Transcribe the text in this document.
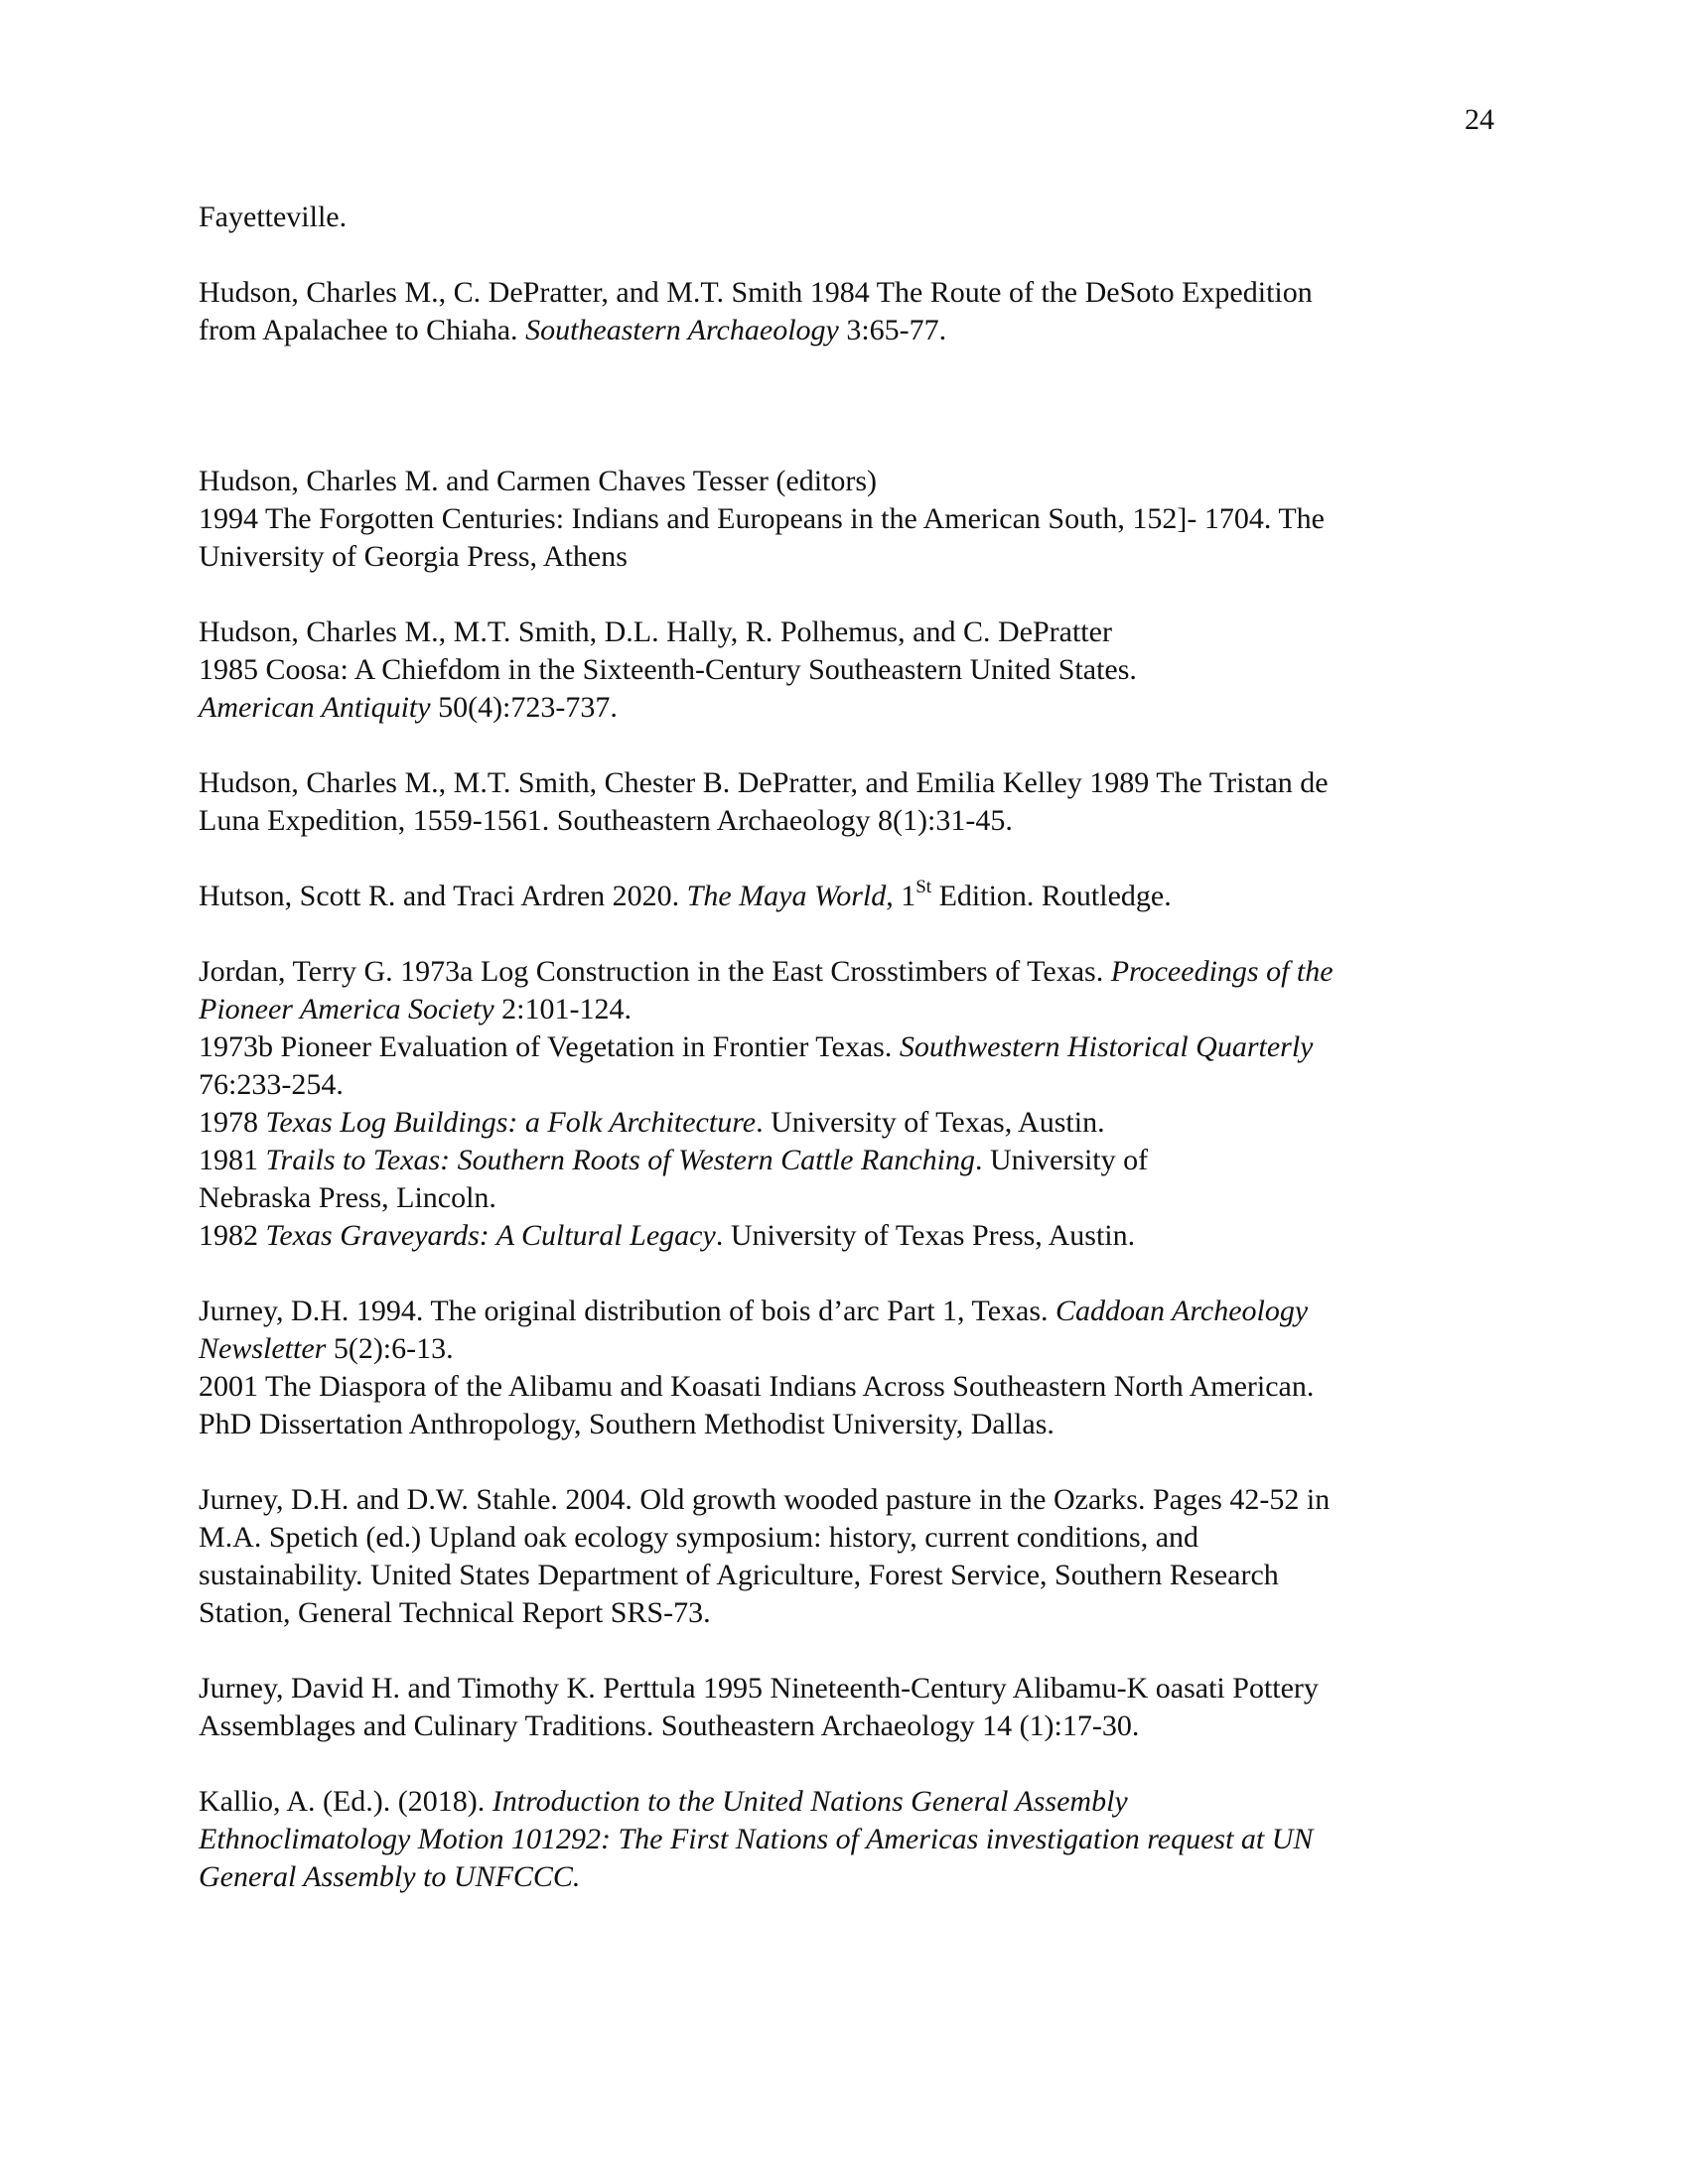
24

Fayetteville.

Hudson, Charles M., C. DePratter, and M.T. Smith 1984 The Route of the DeSoto Expedition
from Apalachee to Chiaha. Southeastern Archaeology 3:65-77.

Hudson, Charles M. and Carmen Chaves Tesser (editors)
1994 The Forgotten Centuries: Indians and Europeans in the American South, 152]- 1704. The
University of Georgia Press, Athens

Hudson, Charles M., M.T. Smith, D.L. Hally, R. Polhemus, and C. DePratter
1985 Coosa: A Chiefdom in the Sixteenth-Century Southeastern United States.
American Antiquity 50(4):723-737.

Hudson, Charles M., M.T. Smith, Chester B. DePratter, and Emilia Kelley 1989 The Tristan de
Luna Expedition, 1559-1561. Southeastern Archaeology 8(1):31-45.

Hutson, Scott R. and Traci Ardren 2020. The Maya World, 1St Edition. Routledge.

Jordan, Terry G. 1973a Log Construction in the East Crosstimbers of Texas. Proceedings of the
Pioneer America Society 2:101-124.
1973b Pioneer Evaluation of Vegetation in Frontier Texas. Southwestern Historical Quarterly
76:233-254.
1978 Texas Log Buildings: a Folk Architecture. University of Texas, Austin.
1981 Trails to Texas: Southern Roots of Western Cattle Ranching. University of
Nebraska Press, Lincoln.
1982 Texas Graveyards: A Cultural Legacy. University of Texas Press, Austin.

Jurney, D.H. 1994. The original distribution of bois d’arc Part 1, Texas. Caddoan Archeology
Newsletter 5(2):6-13.
2001 The Diaspora of the Alibamu and Koasati Indians Across Southeastern North American.
PhD Dissertation Anthropology, Southern Methodist University, Dallas.

Jurney, D.H. and D.W. Stahle. 2004. Old growth wooded pasture in the Ozarks. Pages 42-52 in
M.A. Spetich (ed.) Upland oak ecology symposium: history, current conditions, and
sustainability. United States Department of Agriculture, Forest Service, Southern Research
Station, General Technical Report SRS-73.

Jurney, David H. and Timothy K. Perttula 1995 Nineteenth-Century Alibamu-K oasati Pottery
Assemblages and Culinary Traditions. Southeastern Archaeology 14 (1):17-30.

Kallio, A. (Ed.). (2018). Introduction to the United Nations General Assembly
Ethnoclimatology Motion 101292: The First Nations of Americas investigation request at UN
General Assembly to UNFCCC.
